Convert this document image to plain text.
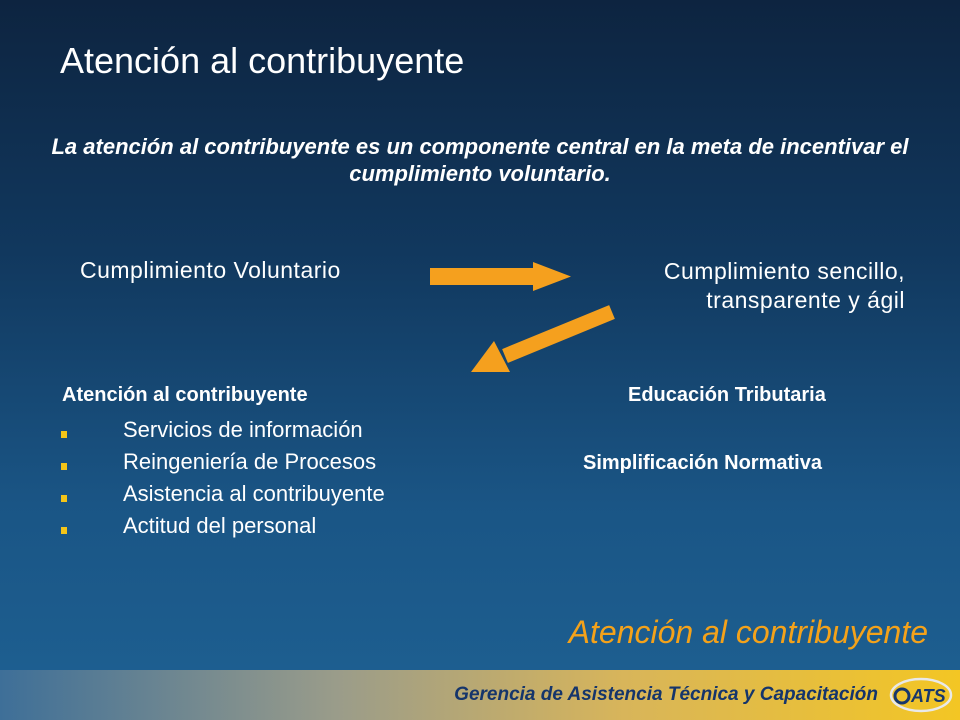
Atención al contribuyente
La atención al contribuyente es un componente central en la meta de incentivar el cumplimiento voluntario.
Cumplimiento Voluntario	Cumplimiento sencillo, transparente y ágil
Atención al contribuyente	Educación Tributaria
Simplificación Normativa
Servicios de información
Reingeniería de Procesos
Asistencia al contribuyente
Actitud del personal
Atención al contribuyente
Gerencia de Asistencia Técnica y Capacitación ATS
